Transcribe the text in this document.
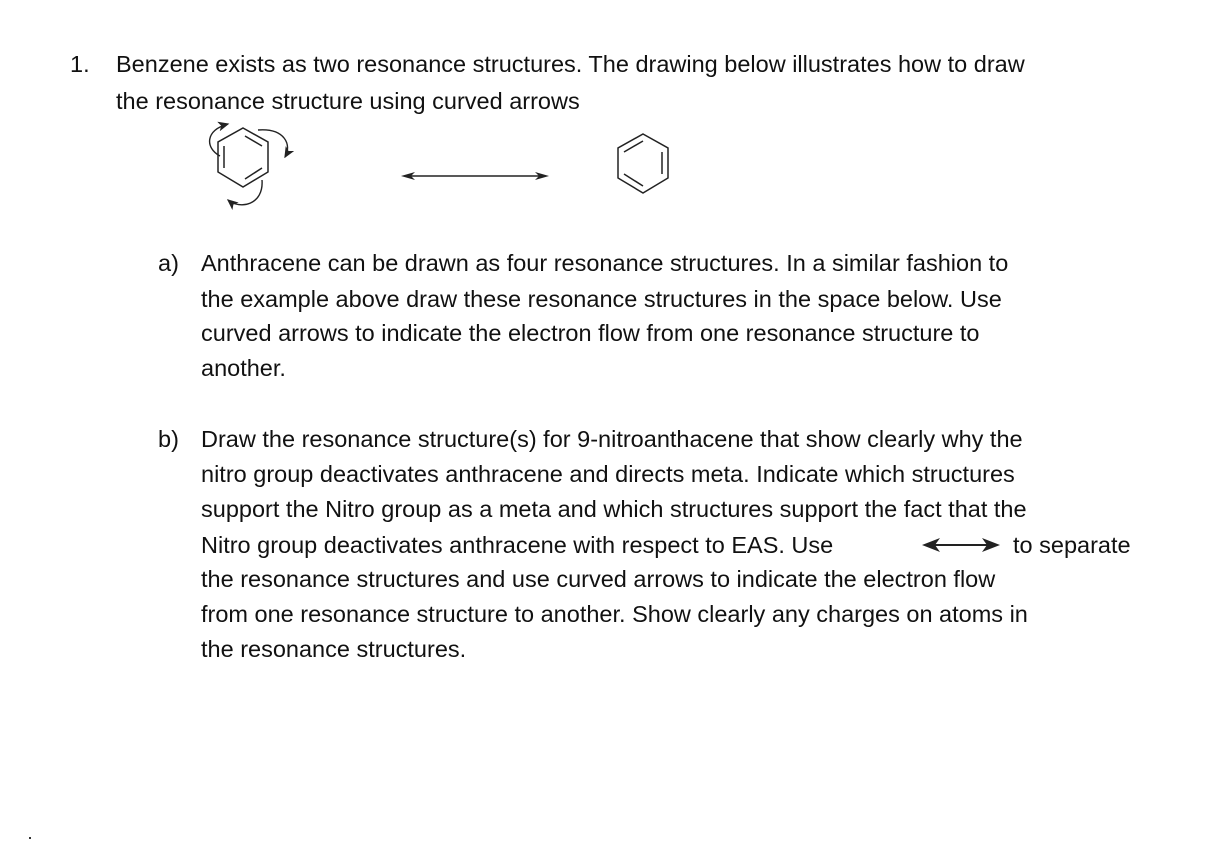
1. Benzene exists as two resonance structures. The drawing below illustrates how to draw
the resonance structure using curved arrows
a) Anthracene can be drawn as four resonance structures. In a similar fashion to
the example above draw these resonance structures in the space below. Use
curved arrows to indicate the electron flow from one resonance structure to
another.
b) Draw the resonance structure(s) for 9-nitroanthacene that show clearly why the
nitro group deactivates anthracene and directs meta. Indicate which structures
support the Nitro group as a meta and which structures support the fact that the
Nitro group deactivates anthracene with respect to EAS. Use	to separate
the resonance structures and use curved arrows to indicate the electron flow
from one resonance structure to another. Show clearly any charges on atoms in
the resonance structures.
